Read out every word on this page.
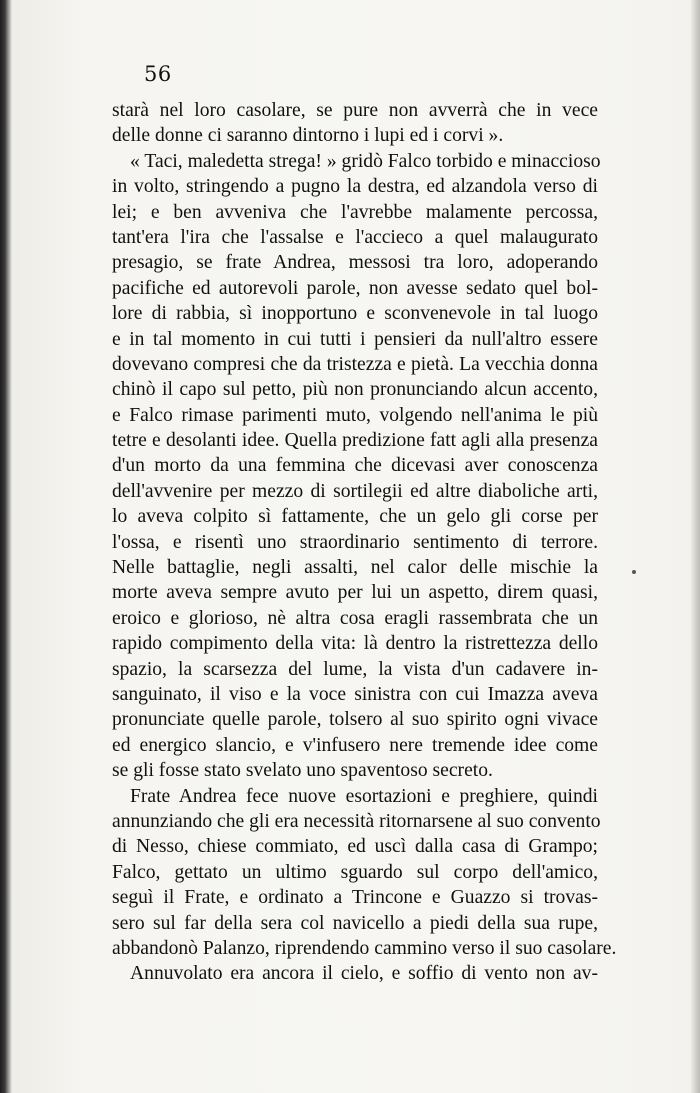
56
starà nel loro casolare, se pure non avverrà che in vece
delle donne ci saranno dintorno i lupi ed i corvi ».
« Taci, maledetta strega! » gridò Falco torbido e minaccioso
in volto, stringendo a pugno la destra, ed alzandola verso di
lei; e ben avveniva che l'avrebbe malamente percossa,
tant'era l'ira che l'assalse e l'accieco a quel malaugurato
presagio, se frate Andrea, messosi tra loro, adoperando
pacifiche ed autorevoli parole, non avesse sedato quel bol-
lore di rabbia, sì inopportuno e sconvenevole in tal luogo
e in tal momento in cui tutti i pensieri da null'altro essere
dovevano compresi che da tristezza e pietà. La vecchia donna
chinò il capo sul petto, più non pronunciando alcun accento,
e Falco rimase parimenti muto, volgendo nell'anima le più
tetre e desolanti idee. Quella predizione fatt agli alla presenza
d'un morto da una femmina che dicevasi aver conoscenza
dell'avvenire per mezzo di sortilegii ed altre diaboliche arti,
lo aveva colpito sì fattamente, che un gelo gli corse per
l'ossa, e risentì uno straordinario sentimento di terrore.
Nelle battaglie, negli assalti, nel calor delle mischie la
morte aveva sempre avuto per lui un aspetto, direm quasi,
eroico e glorioso, nè altra cosa eragli rassembrata che un
rapido compimento della vita: là dentro la ristrettezza dello
spazio, la scarsezza del lume, la vista d'un cadavere in-
sanguinato, il viso e la voce sinistra con cui Imazza aveva
pronunciate quelle parole, tolsero al suo spirito ogni vivace
ed energico slancio, e v'infusero nere tremende idee come
se gli fosse stato svelato uno spaventoso secreto.
Frate Andrea fece nuove esortazioni e preghiere, quindi
annunziando che gli era necessità ritornarsene al suo convento
di Nesso, chiese commiato, ed uscì dalla casa di Grampo;
Falco, gettato un ultimo sguardo sul corpo dell'amico,
seguì il Frate, e ordinato a Trincone e Guazzo si trovas-
sero sul far della sera col navicello a piedi della sua rupe,
abbandonò Palanzo, riprendendo cammino verso il suo casolare.
Annuvolato era ancora il cielo, e soffio di vento non av-
